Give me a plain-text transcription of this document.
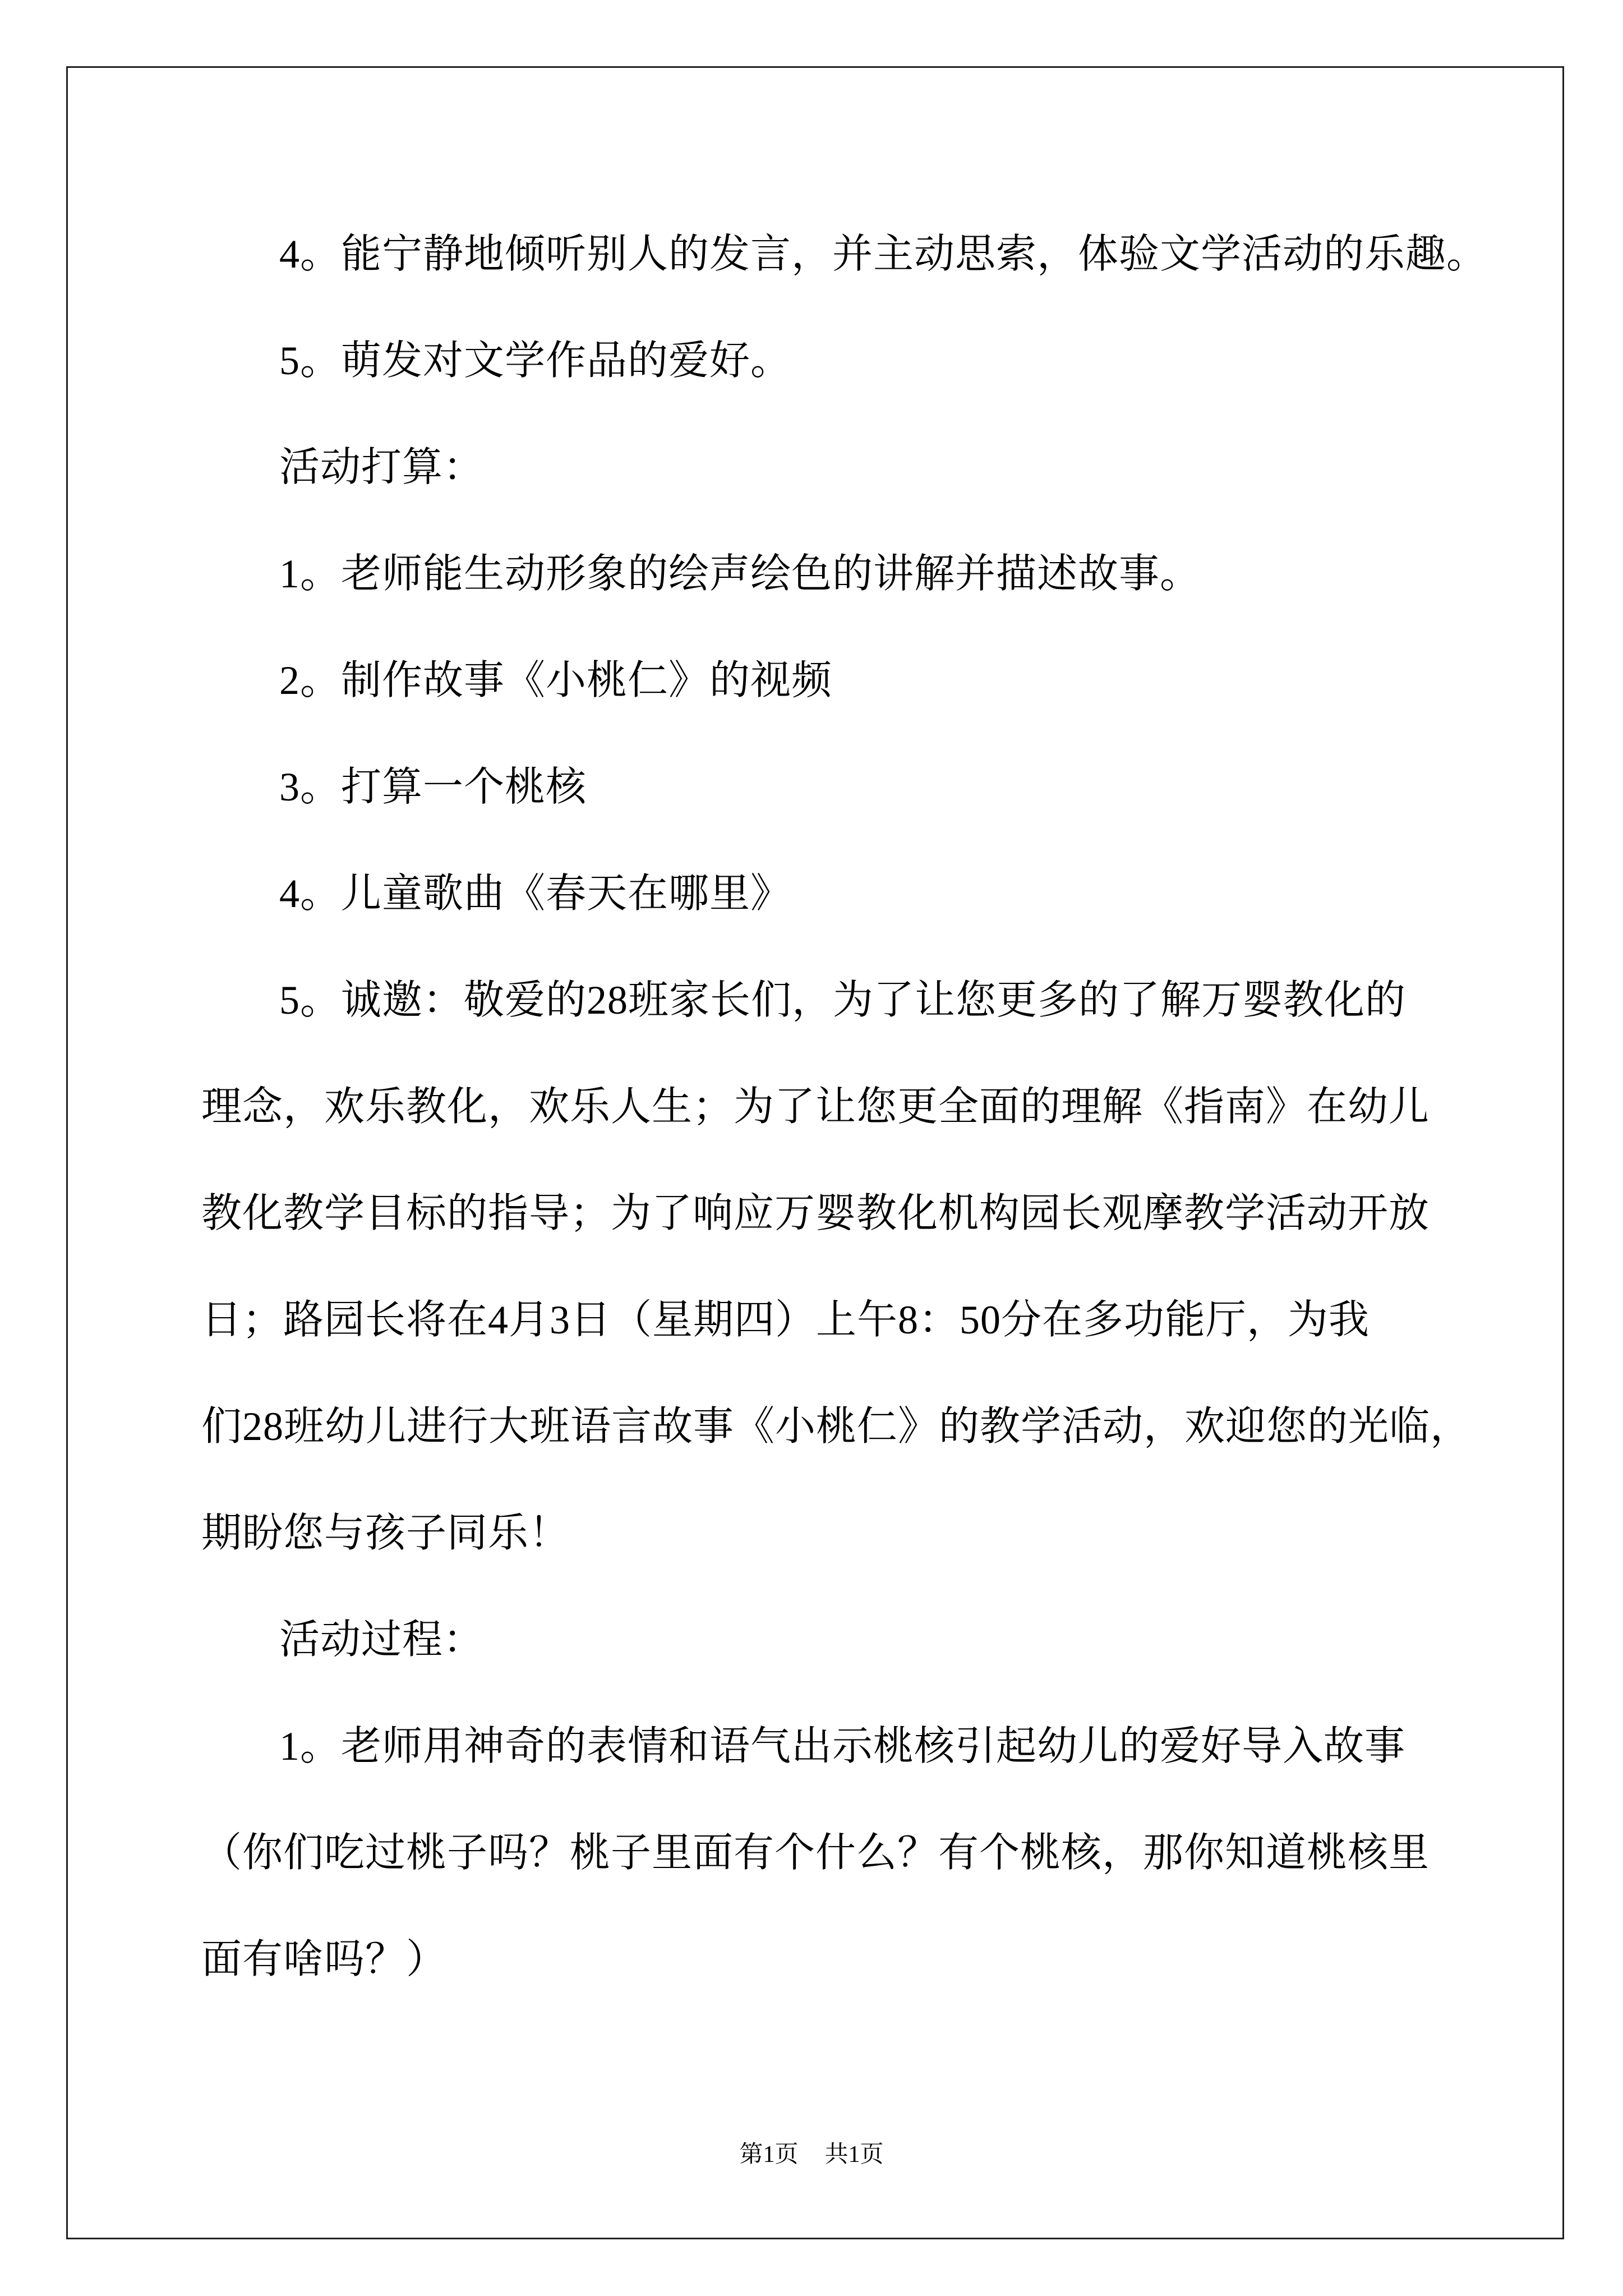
4。能宁静地倾听别人的发言，并主动思索，体验文学活动的乐趣。
5。萌发对文学作品的爱好。
活动打算：
1。老师能生动形象的绘声绘色的讲解并描述故事。
2。制作故事《小桃仁》的视频
3。打算一个桃核
4。儿童歌曲《春天在哪里》
5。诚邀：敬爱的28班家长们，为了让您更多的了解万婴教化的
理念，欢乐教化，欢乐人生；为了让您更全面的理解《指南》在幼儿
教化教学目标的指导；为了响应万婴教化机构园长观摩教学活动开放
日；路园长将在4月3日（星期四）上午8：50分在多功能厅，为我
们28班幼儿进行大班语言故事《小桃仁》的教学活动，欢迎您的光临，
期盼您与孩子同乐！
活动过程：
1。老师用神奇的表情和语气出示桃核引起幼儿的爱好导入故事
（你们吃过桃子吗？桃子里面有个什么？有个桃核，那你知道桃核里
面有啥吗？）
第1页 共1页
